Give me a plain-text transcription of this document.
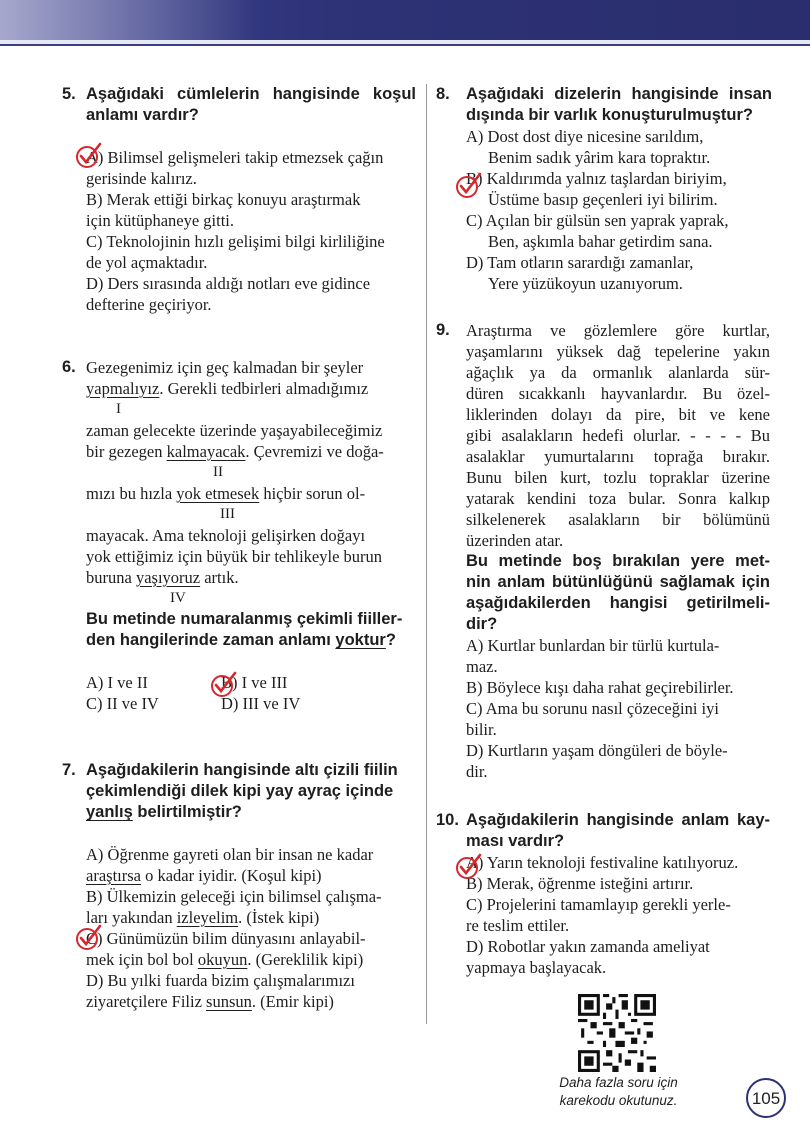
5. Aşağıdaki cümlelerin hangisinde koşul
anlamı vardır?
A) Bilimsel gelişmeleri takip etmezsek çağın
gerisinde kalırız.
B) Merak ettiği birkaç konuyu araştırmak
için kütüphaneye gitti.
C) Teknolojinin hızlı gelişimi bilgi kirliliğine
de yol açmaktadır.
D) Ders sırasında aldığı notları eve gidince
defterine geçiriyor.
6. Gezegenimiz için geç kalmadan bir şeyler
yapmalıyız. Gerekli tedbirleri almadığımız
I
zaman gelecekte üzerinde yaşayabileceğimiz
bir gezegen kalmayacak. Çevremizi ve doğa-
II
mızı bu hızla yok etmesek hiçbir sorun ol-
III
mayacak. Ama teknoloji gelişirken doğayı
yok ettiğimiz için büyük bir tehlikeyle burun
buruna yaşıyoruz artık.
IV
Bu metinde numaralanmış çekimli fiiller-
den hangilerinde zaman anlamı yoktur?
A) I ve II	B) I ve III
C) II ve IV	D) III ve IV
7. Aşağıdakilerin hangisinde altı çizili fiilin
çekimlendiği dilek kipi yay ayraç içinde
yanlış belirtilmiştir?
A) Öğrenme gayreti olan bir insan ne kadar
araştırsa o kadar iyidir. (Koşul kipi)
B) Ülkemizin geleceği için bilimsel çalışma-
ları yakından izleyelim. (İstek kipi)
C) Günümüzün bilim dünyasını anlayabil-
mek için bol bol okuyun. (Gereklilik kipi)
D) Bu yılki fuarda bizim çalışmalarımızı
ziyaretçilere Filiz sunsun. (Emir kipi)
8. Aşağıdaki dizelerin hangisinde insan
dışında bir varlık konuşturulmuştur?
A) Dost dost diye nicesine sarıldım,
Benim sadık yârim kara topraktır.
B) Kaldırımda yalnız taşlardan biriyim,
Üstüme basıp geçenleri iyi bilirim.
C) Açılan bir gülsün sen yaprak yaprak,
Ben, aşkımla bahar getirdim sana.
D) Tam otların sarardığı zamanlar,
Yere yüzükoyun uzanıyorum.
9. Araştırma ve gözlemlere göre kurtlar,
yaşamlarını yüksek dağ tepelerine yakın
ağaçlık ya da ormanlık alanlarda sür-
düren sıcakkanlı hayvanlardır. Bu özel-
liklerinden dolayı da pire, bit ve kene
gibi asalakların hedefi olurlar. - - - - Bu
asalaklar yumurtalarını toprağa bırakır.
Bunu bilen kurt, tozlu topraklar üzerine
yatarak kendini toza bular. Sonra kalkıp
silkelenerek asalakların bir bölümünü
üzerinden atar.
Bu metinde boş bırakılan yere met-
nin anlam bütünlüğünü sağlamak için
aşağıdakilerden hangisi getirilmeli-
dir?
A) Kurtlar bunlardan bir türlü kurtula-
maz.
B) Böylece kışı daha rahat geçirebilirler.
C) Ama bu sorunu nasıl çözeceğini iyi
bilir.
D) Kurtların yaşam döngüleri de böyle-
dir.
10. Aşağıdakilerin hangisinde anlam kay-
ması vardır?
A) Yarın teknoloji festivaline katılıyoruz.
B) Merak, öğrenme isteğini artırır.
C) Projelerini tamamlayıp gerekli yerle-
re teslim ettiler.
D) Robotlar yakın zamanda ameliyat
yapmaya başlayacak.
Daha fazla soru için
karekodu okutunuz.	105
